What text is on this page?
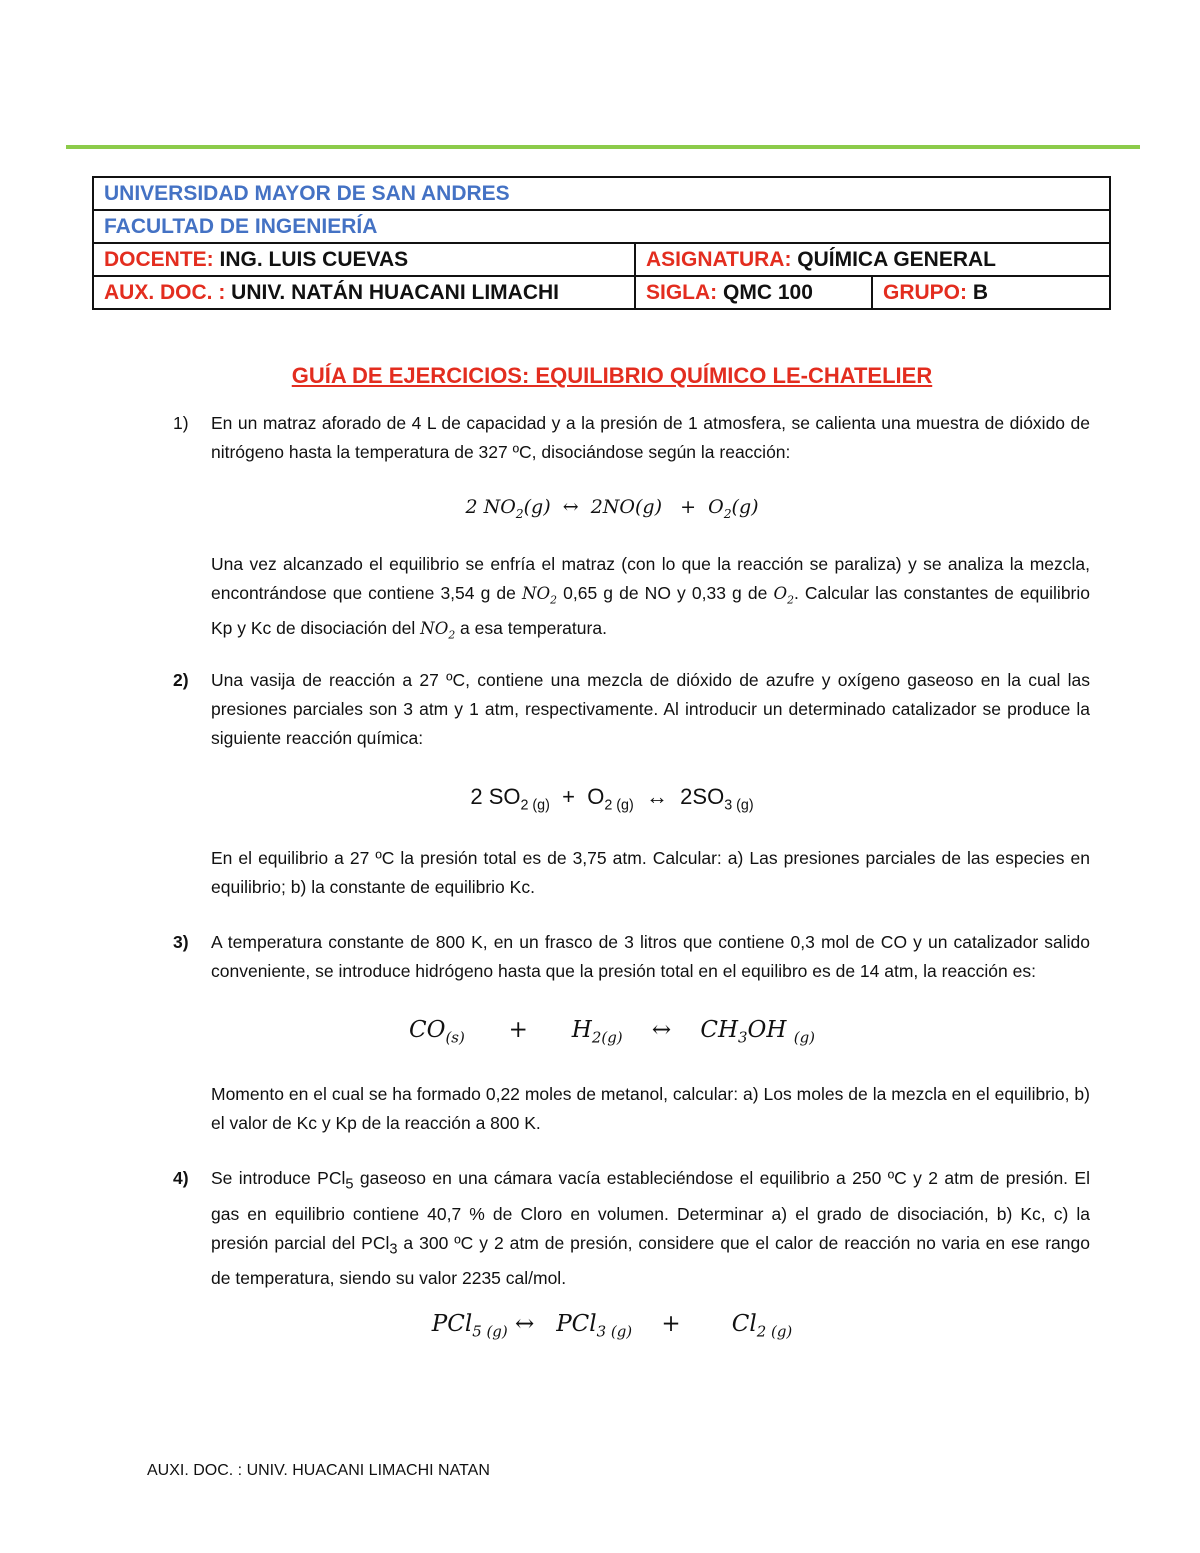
UNIVERSIDAD MAYOR DE SAN ANDRES		
FACULTAD DE INGENIERÍA		
DOCENTE: ING. LUIS CUEVAS	ASIGNATURA: QUÍMICA GENERAL	
AUX. DOC. : UNIV. NATÁN HUACANI LIMACHI	SIGLA: QMC 100	GRUPO: B
GUÍA DE EJERCICIOS: EQUILIBRIO QUÍMICO LE-CHATELIER
1) En un matraz aforado de 4 L de capacidad y a la presión de 1 atmosfera, se calienta una muestra de dióxido de nitrógeno hasta la temperatura de 327 ºC, disociándose según la reacción:
2 $NO_2(g)$  ↔  $2NO(g) + O_2(g)$
Una vez alcanzado el equilibrio se enfría el matraz (con lo que la reacción se paraliza) y se analiza la mezcla, encontrándose que contiene 3,54 g de $NO_2$ 0,65 g de NO y 0,33 g de $O_2$. Calcular las constantes de equilibrio Kp y Kc de disociación del $NO_2$ a esa temperatura.
2) Una vasija de reacción a 27 ºC, contiene una mezcla de dióxido de azufre y oxígeno gaseoso en la cual las presiones parciales son 3 atm y 1 atm, respectivamente. Al introducir un determinado catalizador se produce la siguiente reacción química:
2 $SO_{2 (g)} + O_{2 (g)}$  ↔  $2SO_3$ $_{(g)}$
En el equilibrio a 27 ºC la presión total es de 3,75 atm. Calcular: a) Las presiones parciales de las especies en equilibrio; b) la constante de equilibrio Kc.
3) A temperatura constante de 800 K, en un frasco de 3 litros que contiene 0,3 mol de CO y un catalizador salido conveniente, se introduce hidrógeno hasta que la presión total en el equilibro es de 14 atm, la reacción es:
$CO_{(s)}$      +      $H_{2(g)}$    ↔    $CH_3OH$ $_{(g)}$
Momento en el cual se ha formado 0,22 moles de metanol, calcular: a) Los moles de la mezcla en el equilibrio, b) el valor de Kc y Kp de la reacción a 800 K.
4) Se introduce PCl$_5$ gaseoso en una cámara vacía estableciéndose el equilibrio a 250 ºC y 2 atm de presión. El gas en equilibrio contiene 40,7 % de Cloro en volumen. Determinar a) el grado de disociación, b) Kc, c) la presión parcial del PCl$_3$ a 300 ºC y 2 atm de presión, considere que el calor de reacción no varia en ese rango de temperatura, siendo su valor 2235 cal/mol.
PCl$_{5 (g)}$ ↔   PCl$_{3 (g)}$    +       $Cl_{2 (g)}$
AUXI. DOC. : UNIV. HUACANI LIMACHI NATAN
